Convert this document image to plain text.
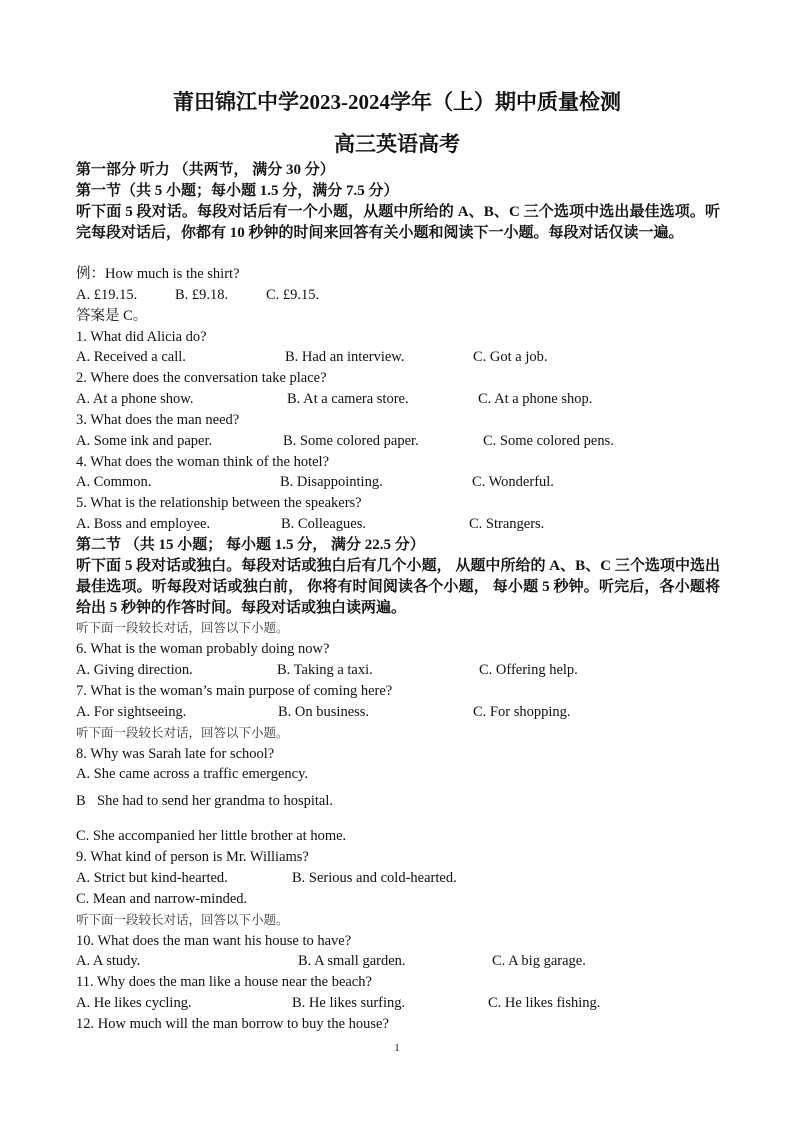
莆田锦江中学2023-2024学年（上）期中质量检测
高三英语高考
第一部分 听力 （共两节， 满分 30 分）
第一节（共 5 小题；每小题 1.5 分，满分 7.5 分）
听下面 5 段对话。每段对话后有一个小题，从题中所给的 A、B、C 三个选项中选出最佳选项。听完每段对话后，你都有 10 秒钟的时间来回答有关小题和阅读下一小题。每段对话仅读一遍。
例：How much is the shirt?
A. £19.15.	B. £9.18.	C. £9.15.
答案是 C。
1. What did Alicia do?
A. Received a call.	B. Had an interview.	C. Got a job.
2. Where does the conversation take place?
A. At a phone show.	B. At a camera store.	C. At a phone shop.
3. What does the man need?
A. Some ink and paper.	B. Some colored paper.	C. Some colored pens.
4. What does the woman think of the hotel?
A. Common.	B. Disappointing.	C. Wonderful.
5. What is the relationship between the speakers?
A. Boss and employee.	B. Colleagues.	C. Strangers.
第二节 （共 15 小题； 每小题 1.5 分， 满分 22.5 分）
听下面 5 段对话或独白。每段对话或独白后有几个小题， 从题中所给的 A、B、C 三个选项中选出最佳选项。听每段对话或独白前， 你将有时间阅读各个小题， 每小题 5 秒钟。听完后，各小题将给出 5 秒钟的作答时间。每段对话或独白读两遍。
听下面一段较长对话，回答以下小题。
6. What is the woman probably doing now?
A. Giving direction.	B. Taking a taxi.	C. Offering help.
7. What is the woman’s main purpose of coming here?
A. For sightseeing.	B. On business.	C. For shopping.
听下面一段较长对话，回答以下小题。
8. Why was Sarah late for school?
A. She came across a traffic emergency.
B She had to send her grandma to hospital.
C. She accompanied her little brother at home.
9. What kind of person is Mr. Williams?
A. Strict but kind-hearted.	B. Serious and cold-hearted.
C. Mean and narrow-minded.
听下面一段较长对话，回答以下小题。
10. What does the man want his house to have?
A. A study.	B. A small garden.	C. A big garage.
11. Why does the man like a house near the beach?
A. He likes cycling.	B. He likes surfing.	C. He likes fishing.
12. How much will the man borrow to buy the house?
1
